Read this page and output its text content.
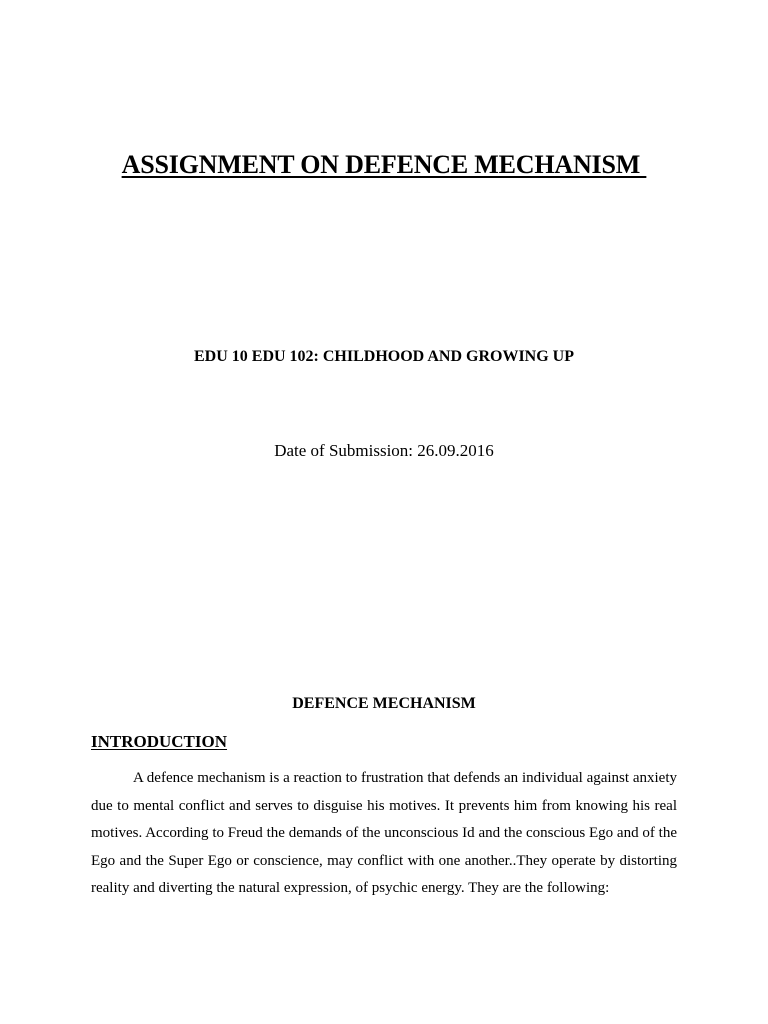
ASSIGNMENT ON DEFENCE MECHANISM
EDU 10 EDU 102: CHILDHOOD AND GROWING UP
Date of Submission: 26.09.2016
DEFENCE MECHANISM
INTRODUCTION

A defence mechanism is a reaction to frustration that defends an individual against anxiety due to mental conflict and serves to disguise his motives. It prevents him from knowing his real motives. According to Freud the demands of the unconscious Id and the conscious Ego and of the Ego and the Super Ego or conscience, may conflict with one another..They operate by distorting reality and diverting the natural expression, of psychic energy. They are the following:
